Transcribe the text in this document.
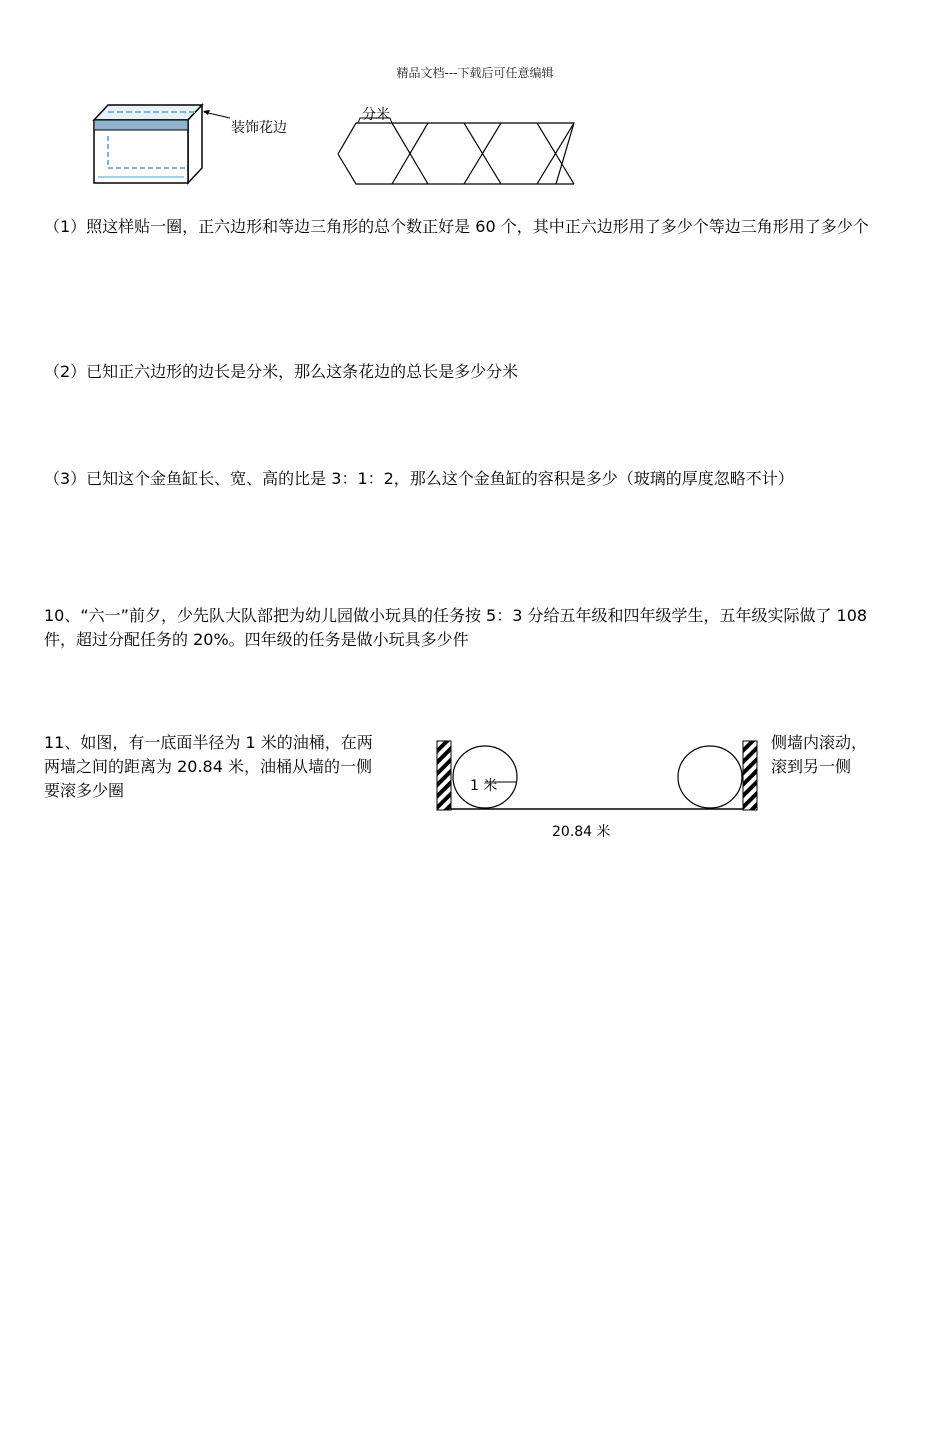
精品文档---下载后可任意编辑
装饰花边
分米
（1）照这样贴一圈，正六边形和等边三角形的总个数正好是 60 个，其中正六边形用了多少个等边三角形用了多少个
（2）已知正六边形的边长是分米，那么这条花边的总长是多少分米
（3）已知这个金鱼缸长、宽、高的比是 3：1：2，那么这个金鱼缸的容积是多少（玻璃的厚度忽略不计）
10、“六一”前夕，少先队大队部把为幼儿园做小玩具的任务按 5：3 分给五年级和四年级学生，五年级实际做了 108 件，超过分配任务的 20%。四年级的任务是做小玩具多少件
11、如图，有一底面半径为 1 米的油桶，在两
两墙之间的距离为 20.84 米，油桶从墙的一侧
要滚多少圈
侧墙内滚动，
滚到另一侧
1 米
20.84 米
